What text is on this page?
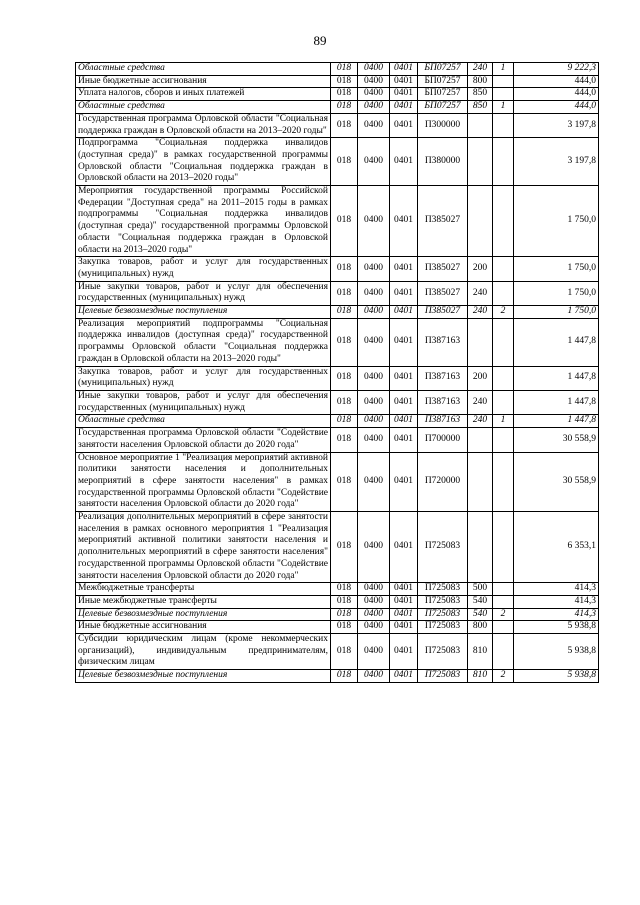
89
Областные средства	018	0400	0401	БП07257	240	1	9 222,3
Иные бюджетные ассигнования	018	0400	0401	БП07257	800		444,0
Уплата налогов, сборов и иных платежей	018	0400	0401	БП07257	850		444,0
Областные средства	018	0400	0401	БП07257	850	1	444,0
Государственная программа Орловской области "Социальная поддержка граждан в Орловской области на 2013–2020 годы"	018	0400	0401	П300000			3 197,8
Подпрограмма "Социальная поддержка инвалидов (доступная среда)" в рамках государственной программы Орловской области "Социальная поддержка граждан в Орловской области на 2013–2020 годы"	018	0400	0401	П380000			3 197,8
Мероприятия государственной программы Российской Федерации "Доступная среда" на 2011–2015 годы в рамках подпрограммы "Социальная поддержка инвалидов (доступная среда)" государственной программы Орловской области "Социальная поддержка граждан в Орловской области на 2013–2020 годы"	018	0400	0401	П385027			1 750,0
Закупка товаров, работ и услуг для государственных (муниципальных) нужд	018	0400	0401	П385027	200		1 750,0
Иные закупки товаров, работ и услуг для обеспечения государственных (муниципальных) нужд	018	0400	0401	П385027	240		1 750,0
Целевые безвозмездные поступления	018	0400	0401	П385027	240	2	1 750,0
Реализация мероприятий подпрограммы "Социальная поддержка инвалидов (доступная среда)" государственной программы Орловской области "Социальная поддержка граждан в Орловской области на 2013–2020 годы"	018	0400	0401	П387163			1 447,8
Закупка товаров, работ и услуг для государственных (муниципальных) нужд	018	0400	0401	П387163	200		1 447,8
Иные закупки товаров, работ и услуг для обеспечения государственных (муниципальных) нужд	018	0400	0401	П387163	240		1 447,8
Областные средства	018	0400	0401	П387163	240	1	1 447,8
Государственная программа Орловской области "Содействие занятости населения Орловской области до 2020 года"	018	0400	0401	П700000			30 558,9
Основное мероприятие 1 "Реализация мероприятий активной политики занятости населения и дополнительных мероприятий в сфере занятости населения" в рамках государственной программы Орловской области "Содействие занятости населения Орловской области до 2020 года"	018	0400	0401	П720000			30 558,9
Реализация дополнительных мероприятий в сфере занятости населения в рамках основного мероприятия 1 "Реализация мероприятий активной политики занятости населения и дополнительных мероприятий в сфере занятости населения" государственной программы Орловской области "Содействие занятости населения Орловской области до 2020 года"	018	0400	0401	П725083			6 353,1
Межбюджетные трансферты	018	0400	0401	П725083	500		414,3
Иные межбюджетные трансферты	018	0400	0401	П725083	540		414,3
Целевые безвозмездные поступления	018	0400	0401	П725083	540	2	414,3
Иные бюджетные ассигнования	018	0400	0401	П725083	800		5 938,8
Субсидии юридическим лицам (кроме некоммерческих организаций), индивидуальным предпринимателям, физическим лицам	018	0400	0401	П725083	810		5 938,8
Целевые безвозмездные поступления	018	0400	0401	П725083	810	2	5 938,8
